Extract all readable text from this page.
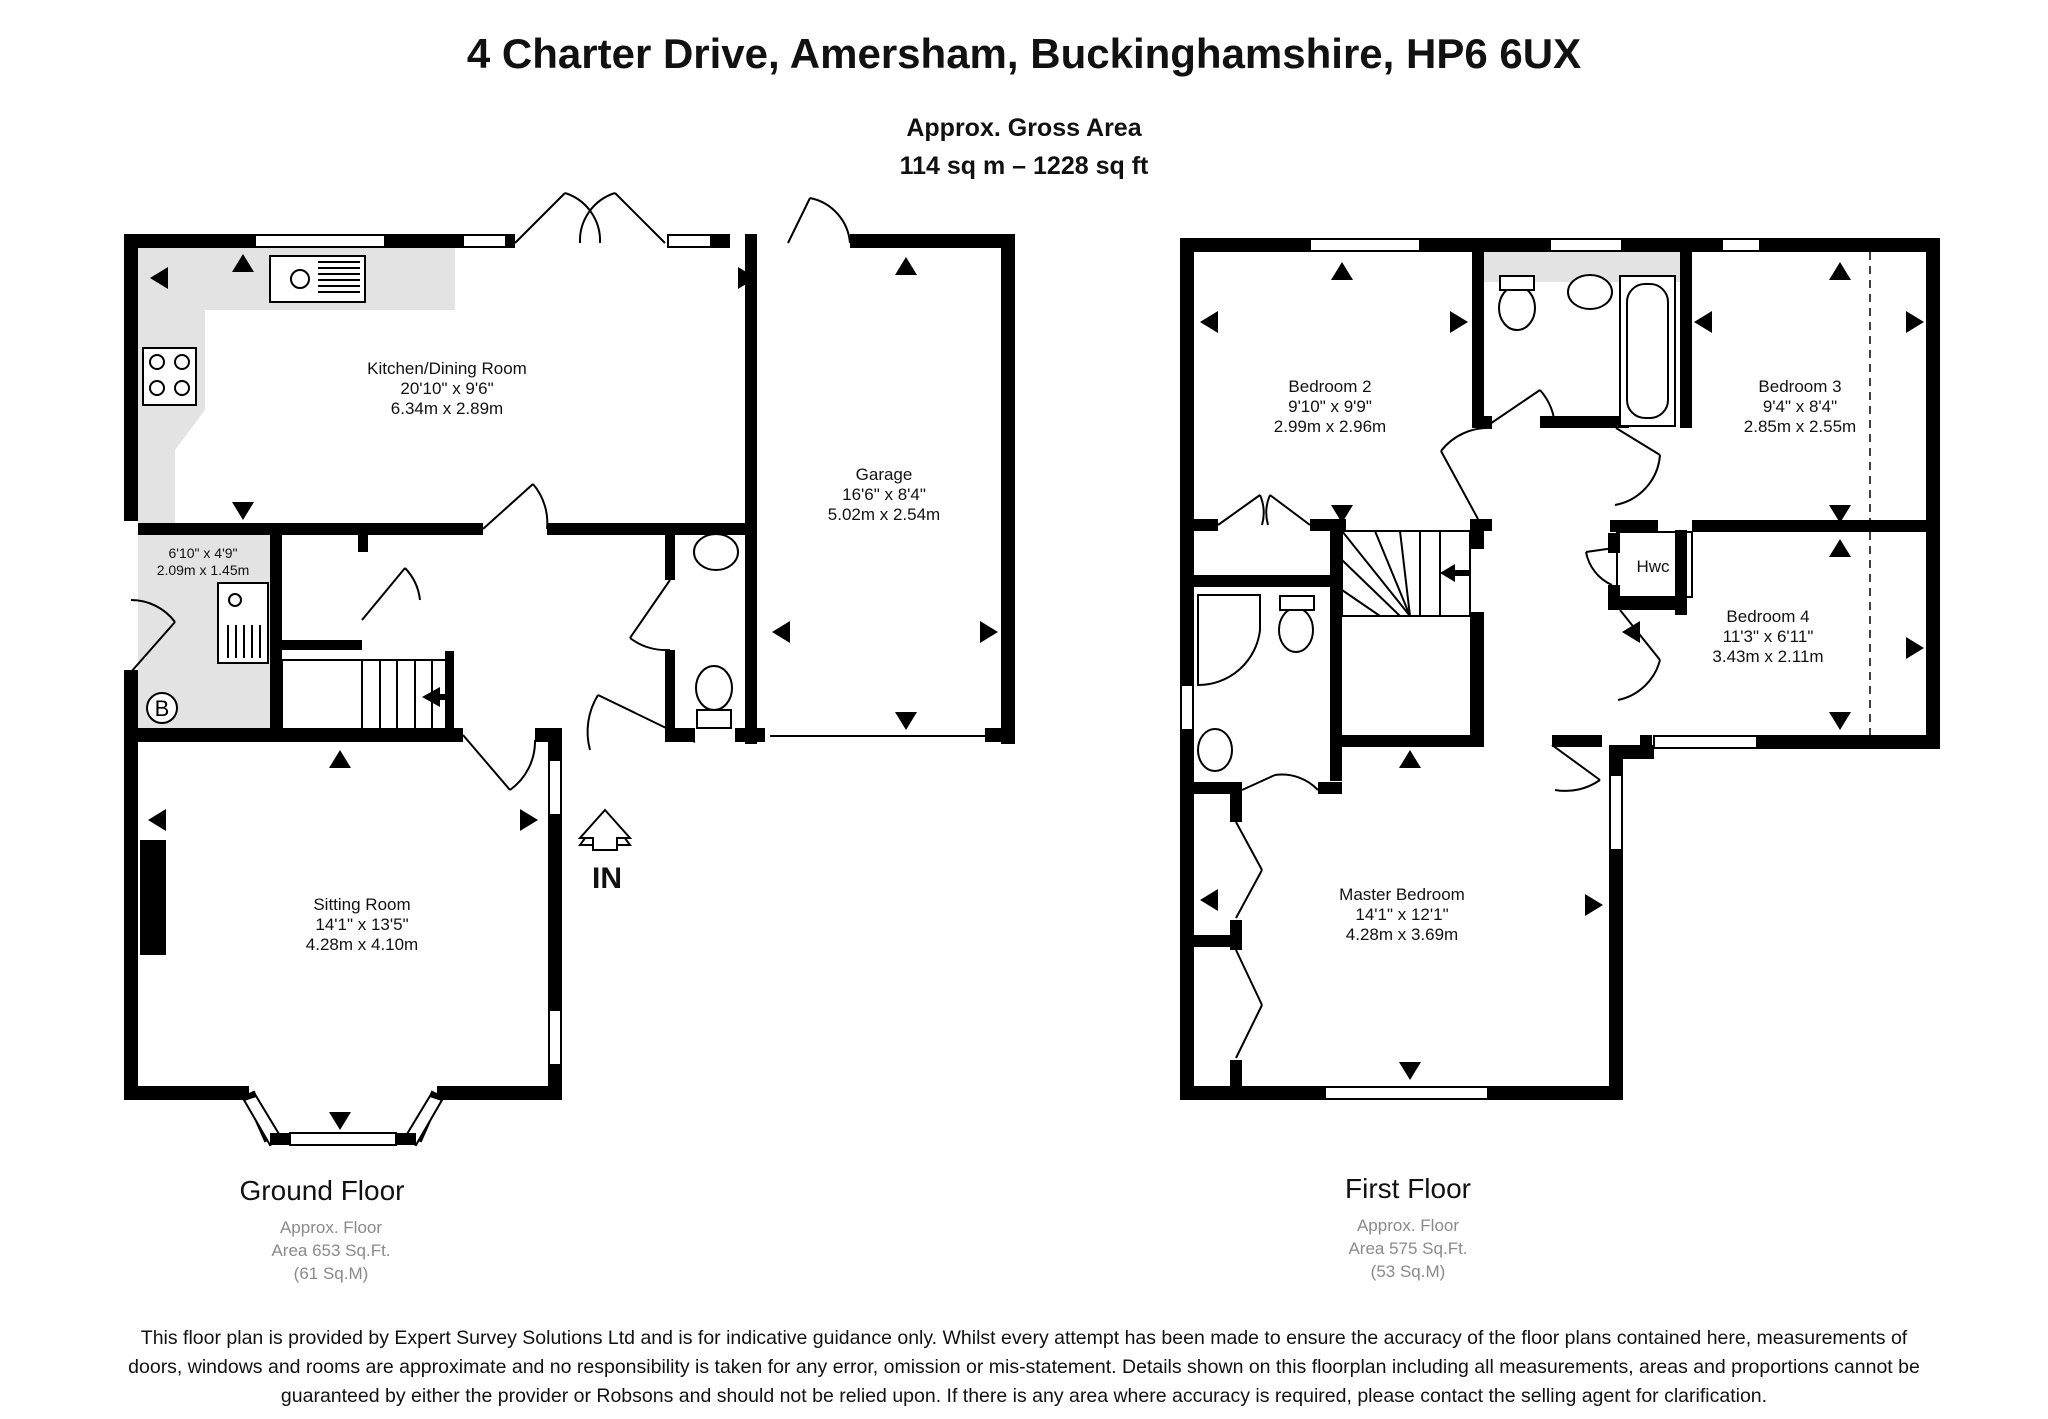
4 Charter Drive, Amersham, Buckinghamshire, HP6 6UX
Approx. Gross Area
114 sq m – 1228 sq ft
B
IN
Kitchen/Dining Room
20'10" x 9'6"
6.34m x 2.89m
Garage
16'6" x 8'4"
5.02m x 2.54m
6'10" x 4'9"
2.09m x 1.45m
Sitting Room
14'1" x 13'5"
4.28m x 4.10m
Hwc
Bedroom 2
9'10" x 9'9"
2.99m x 2.96m
Bedroom 3
9'4" x 8'4"
2.85m x 2.55m
Bedroom 4
11'3" x 6'11"
3.43m x 2.11m
Master Bedroom
14'1" x 12'1"
4.28m x 3.69m
Ground Floor
Approx. Floor
Area 653 Sq.Ft.
(61 Sq.M)
First Floor
Approx. Floor
Area 575 Sq.Ft.
(53 Sq.M)
This floor plan is provided by Expert Survey Solutions Ltd and is for indicative guidance only. Whilst every attempt has been made to ensure the accuracy of the floor plans contained here, measurements of
doors, windows and rooms are approximate and no responsibility is taken for any error, omission or mis-statement. Details shown on this floorplan including all measurements, areas and proportions cannot be
guaranteed by either the provider or Robsons and should not be relied upon. If there is any area where accuracy is required, please contact the selling agent for clarification.
